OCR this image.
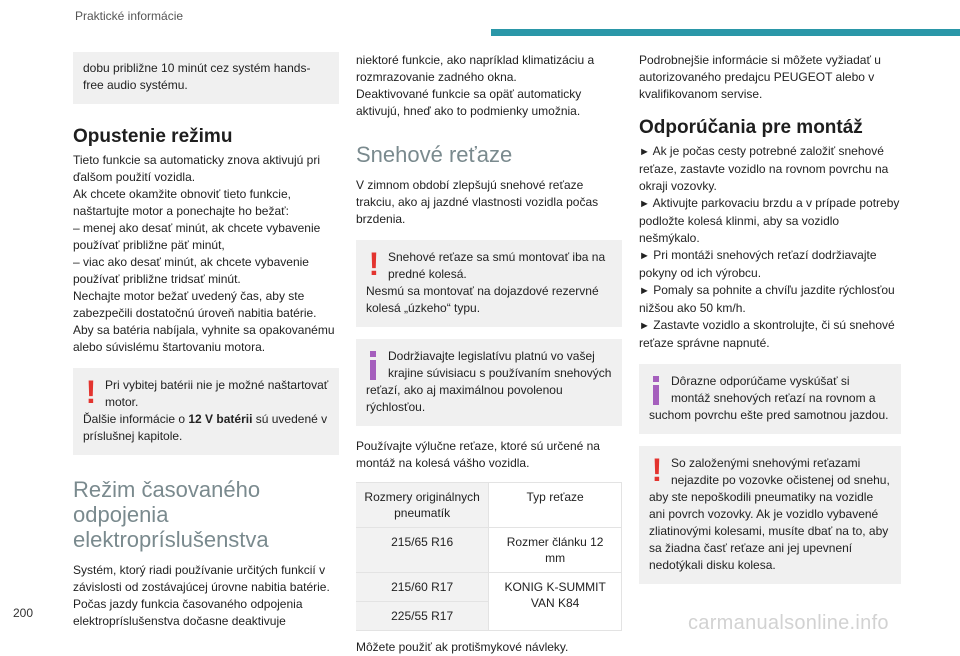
Praktické informácie

dobu približne 10 minút cez systém hands-free audio systému.

Opustenie režimu

Tieto funkcie sa automaticky znova aktivujú pri ďalšom použití vozidla.

Ak chcete okamžite obnoviť tieto funkcie, naštartujte motor a ponechajte ho bežať:

– menej ako desať minút, ak chcete vybavenie používať približne päť minút,

– viac ako desať minút, ak chcete vybavenie používať približne tridsať minút.

Nechajte motor bežať uvedený čas, aby ste zabezpečili dostatočnú úroveň nabitia batérie. Aby sa batéria nabíjala, vyhnite sa opakovanému alebo súvislému štartovaniu motora.

! Pri vybitej batérii nie je možné naštartovať motor.

Ďalšie informácie o 12 V batérii sú uvedené v príslušnej kapitole.

Režim časovaného odpojenia elektropríslušenstva

Systém, ktorý riadi používanie určitých funkcií v závislosti od zostávajúcej úrovne nabitia batérie. Počas jazdy funkcia časovaného odpojenia elektropríslušenstva dočasne deaktivuje

niektoré funkcie, ako napríklad klimatizáciu a rozmrazovanie zadného okna.

Deaktivované funkcie sa opäť automaticky aktivujú, hneď ako to podmienky umožnia.

Snehové reťaze

V zimnom období zlepšujú snehové reťaze trakciu, ako aj jazdné vlastnosti vozidla počas brzdenia.

! Snehové reťaze sa smú montovať iba na predné kolesá.

Nesmú sa montovať na dojazdové rezervné kolesá „úzkeho“ typu.

Dodržiavajte legislatívu platnú vo vašej krajine súvisiacu s používaním snehových reťazí, ako aj maximálnou povolenou rýchlosťou.

Používajte výlučne reťaze, ktoré sú určené na montáž na kolesá vášho vozidla.

Rozmery originálnych pneumatík	Typ reťaze
215/65 R16	Rozmer článku 12 mm
215/60 R17	KONIG K-SUMMIT VAN K84
225/55 R17	

Môžete použiť ak protišmykové návleky.

Podrobnejšie informácie si môžete vyžiadať u autorizovaného predajcu PEUGEOT alebo v kvalifikovanom servise.

Odporúčania pre montáž

► Ak je počas cesty potrebné založiť snehové reťaze, zastavte vozidlo na rovnom povrchu na okraji vozovky.

► Aktivujte parkovaciu brzdu a v prípade potreby podložte kolesá klinmi, aby sa vozidlo nešmýkalo.

► Pri montáži snehových reťazí dodržiavajte pokyny od ich výrobcu.

► Pomaly sa pohnite a chvíľu jazdite rýchlosťou nižšou ako 50 km/h.

► Zastavte vozidlo a skontrolujte, či sú snehové reťaze správne napnuté.

Dôrazne odporúčame vyskúšať si montáž snehových reťazí na rovnom a suchom povrchu ešte pred samotnou jazdou.

! So založenými snehovými reťazami nejazdite po vozovke očistenej od snehu, aby ste nepoškodili pneumatiky na vozidle ani povrch vozovky. Ak je vozidlo vybavené zliatinovými kolesami, musíte dbať na to, aby sa žiadna časť reťaze ani jej upevnení nedotýkali disku kolesa.

200	carmanualsonline.info
